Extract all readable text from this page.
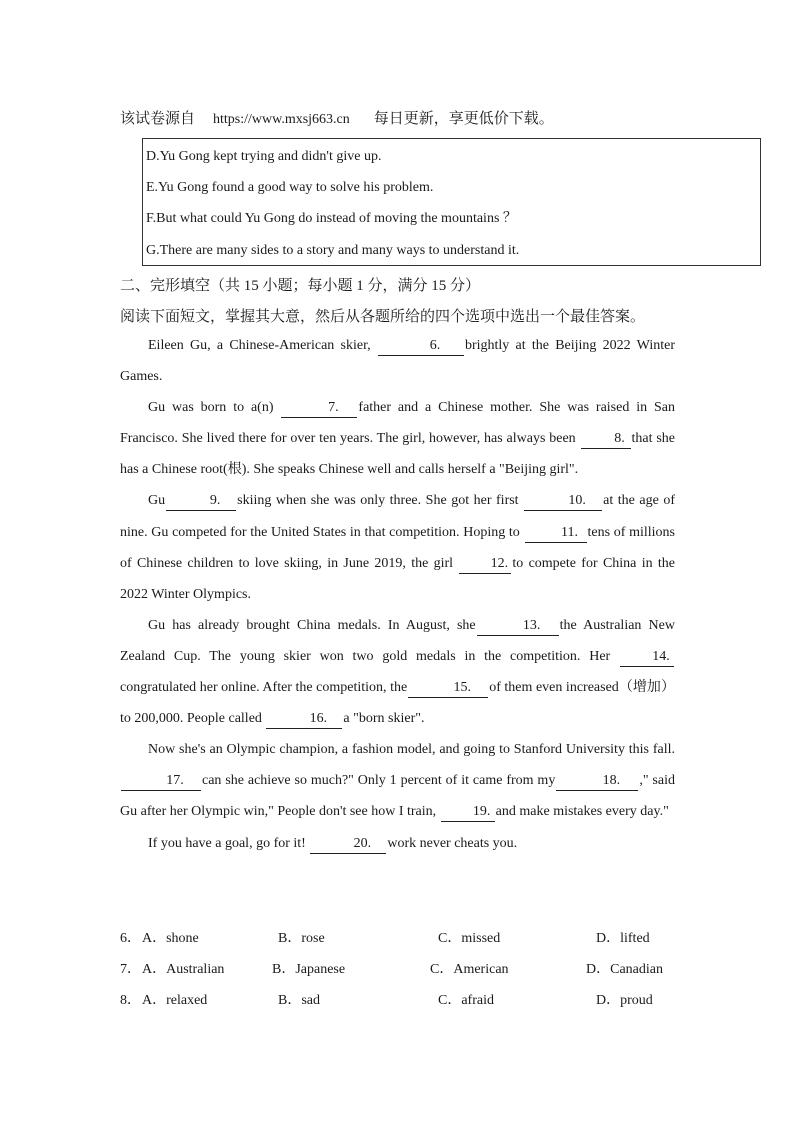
该试卷源自 https://www.mxsj663.cn 每日更新，享更低价下载。
D.Yu Gong kept trying and didn't give up.
E.Yu Gong found a good way to solve his problem.
F.But what could Yu Gong do instead of moving the mountains ？
G.There are many sides to a story and many ways to understand it.
二、完形填空（共 15 小题；每小题 1 分，满分 15 分）
阅读下面短文，掌握其大意，然后从各题所给的四个选项中选出一个最佳答案。

Eileen Gu, a Chinese-American skier,	6. brightly at the Beijing 2022 Winter Games.

Gu was born to a(n)	7. father and a Chinese mother. She was raised in San Francisco. She lived there for over ten years. The girl, however, has always been	8. that she has a Chinese root(根). She speaks Chinese well and calls herself a "Beijing girl".

Gu	9. skiing when she was only three. She got her first	10. at the age of nine. Gu competed for the United States in that competition. Hoping to	11. tens of millions of Chinese children to love skiing, in June 2019, the girl	12. to compete for China in the 2022 Winter Olympics.

Gu has already brought China medals. In August, she	13. the Australian New Zealand Cup. The young skier won two gold medals in the competition. Her	14.congratulated her online. After the competition, the	15. of them even increased（增加） to 200,000. People called	16. a "born skier".

Now she's an Olympic champion, a fashion model, and going to Stanford University this fall. 17. can she achieve so much?" Only 1 percent of it came from my	18. ," said Gu after her Olympic win," People don't see how I train,	19. and make mistakes every day."

If you have a goal, go for it!	20. work never cheats you.

6． A．shone	B．rose	C．missed	D．lifted
7． A．Australian	B．Japanese	C．American	D．Canadian
8． A．relaxed	B．sad	C．afraid	D．proud
